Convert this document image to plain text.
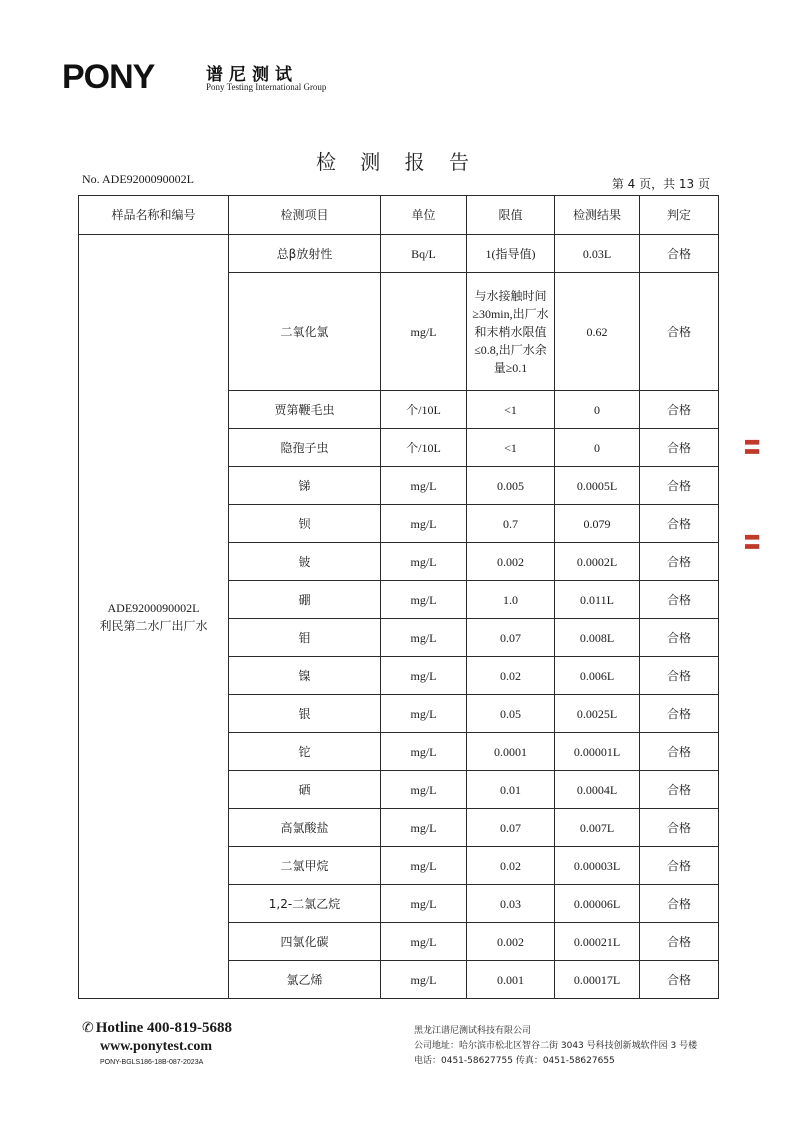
PONY	谱尼测试
Pony Testing International Group
检 测 报 告
No. ADE9200090002L	第 4 页，共 13 页
样品名称和编号	检测项目	单位	限值	检测结果	判定

ADE9200090002L
利民第二水厂出厂水	总β放射性	Bq/L	1(指导值)	0.03L	合格
	二氧化氯	mg/L	与水接触时间≥30min,出厂水和末梢水限值≤0.8,出厂水余量≥0.1	0.62	合格
	贾第鞭毛虫	个/10L	<1	0	合格
	隐孢子虫	个/10L	<1	0	合格
	锑	mg/L	0.005	0.0005L	合格
	钡	mg/L	0.7	0.079	合格
	铍	mg/L	0.002	0.0002L	合格
	硼	mg/L	1.0	0.011L	合格
	钼	mg/L	0.07	0.008L	合格
	镍	mg/L	0.02	0.006L	合格
	银	mg/L	0.05	0.0025L	合格
	铊	mg/L	0.0001	0.00001L	合格
	硒	mg/L	0.01	0.0004L	合格
	高氯酸盐	mg/L	0.07	0.007L	合格
	二氯甲烷	mg/L	0.02	0.00003L	合格
	1,2-二氯乙烷	mg/L	0.03	0.00006L	合格
	四氯化碳	mg/L	0.002	0.00021L	合格
	氯乙烯	mg/L	0.001	0.00017L	合格
✆ Hotline 400-819-5688
www.ponytest.com
PONY-BGLS186-18B-087-2023A
黑龙江谱尼测试科技有限公司
公司地址：哈尔滨市松北区智谷二街 3043 号科技创新城软件园 3 号楼
电话：0451-58627755 传真：0451-58627655
▌▌
▌▌
